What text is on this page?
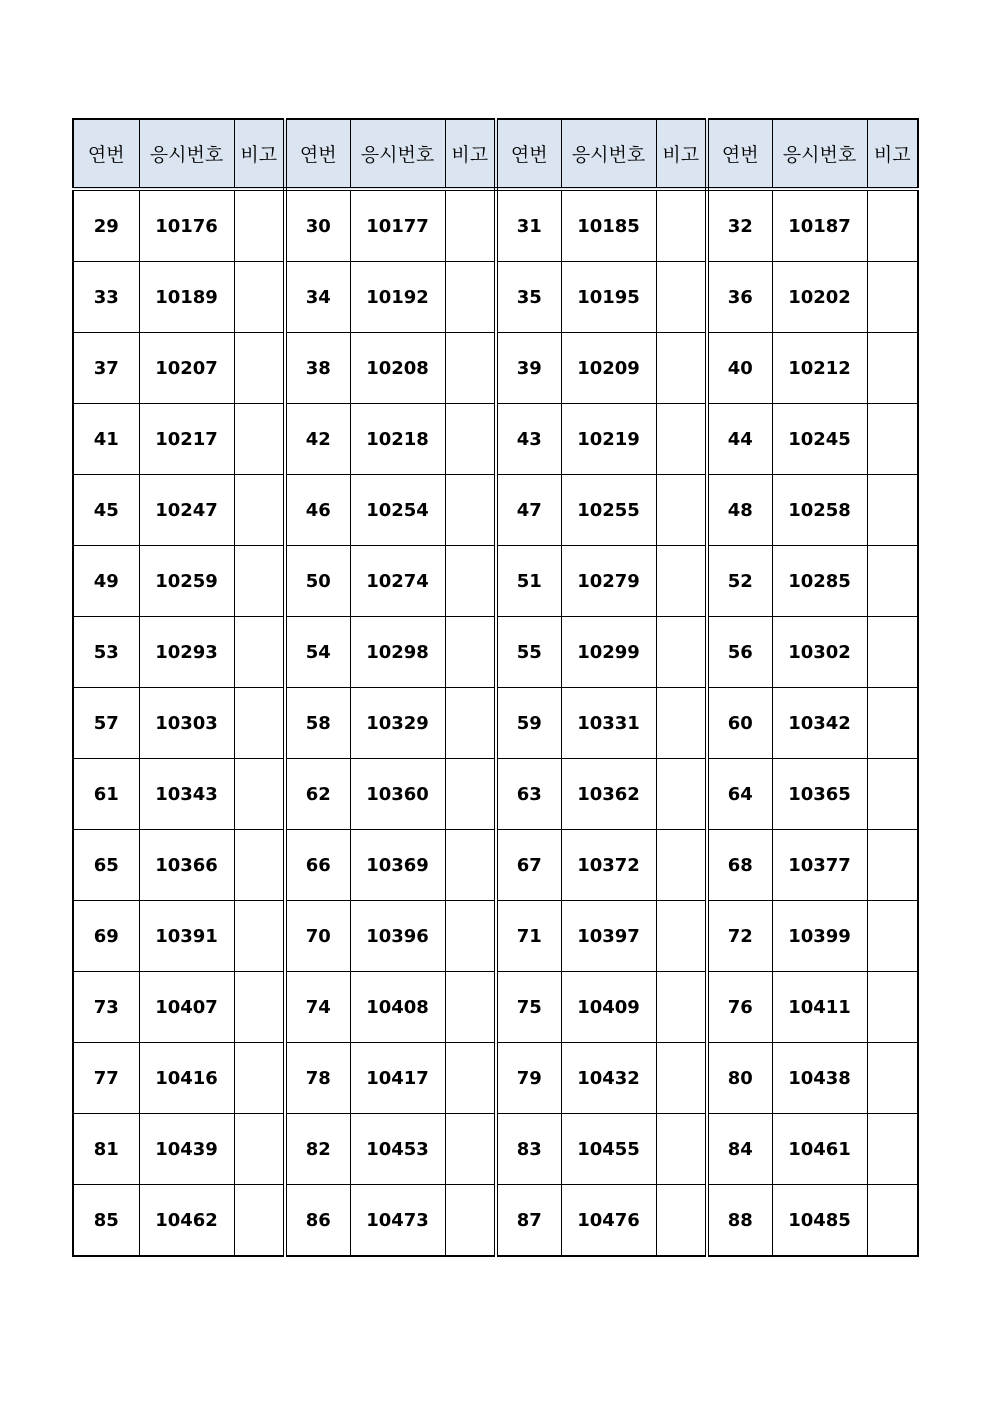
연번	응시번호	비고	연번	응시번호	비고	연번	응시번호	비고	연번	응시번호	비고
29	10176		30	10177		31	10185		32	10187	
33	10189		34	10192		35	10195		36	10202	
37	10207		38	10208		39	10209		40	10212	
41	10217		42	10218		43	10219		44	10245	
45	10247		46	10254		47	10255		48	10258	
49	10259		50	10274		51	10279		52	10285	
53	10293		54	10298		55	10299		56	10302	
57	10303		58	10329		59	10331		60	10342	
61	10343		62	10360		63	10362		64	10365	
65	10366		66	10369		67	10372		68	10377	
69	10391		70	10396		71	10397		72	10399	
73	10407		74	10408		75	10409		76	10411	
77	10416		78	10417		79	10432		80	10438	
81	10439		82	10453		83	10455		84	10461	
85	10462		86	10473		87	10476		88	10485	
